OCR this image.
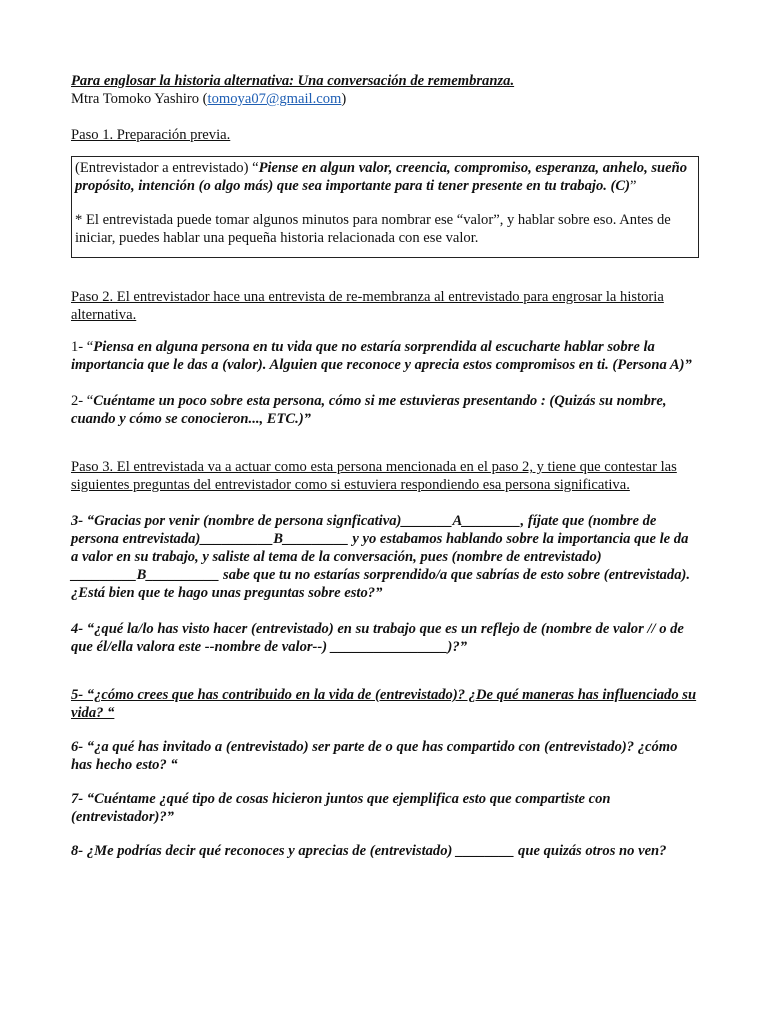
Para englosar la historia alternativa: Una conversación de remembranza.

Mtra Tomoko Yashiro (tomoya07@gmail.com)

Paso 1. Preparación previa.

(Entrevistador a entrevistado) “Piense en algun valor, creencia, compromiso, esperanza, anhelo, sueño propósito, intención (o algo más) que sea importante para ti tener presente en tu trabajo. (C)”

* El entrevistada puede tomar algunos minutos para nombrar ese “valor”, y hablar sobre eso. Antes de iniciar, puedes hablar una pequeña historia relacionada con ese valor.

Paso 2. El entrevistador hace una entrevista de re-membranza al entrevistado para engrosar la historia alternativa.

1- “Piensa en alguna persona en tu vida que no estaría sorprendida al escucharte hablar sobre la importancia que le das a (valor). Alguien que reconoce y aprecia estos compromisos en ti. (Persona A)”

2- “Cuéntame un poco sobre esta persona, cómo si me estuvieras presentando : (Quizás su nombre, cuando y cómo se conocieron..., ETC.)”

Paso 3. El entrevistada va a actuar como esta persona mencionada en el paso 2, y tiene que contestar las siguientes preguntas del entrevistador como si estuviera respondiendo esa persona significativa.

3- “Gracias por venir (nombre de persona signficativa)_______A________, fíjate que (nombre de persona entrevistada)__________B_________ y yo estabamos hablando sobre la importancia que le da a valor en su trabajo, y saliste al tema de la conversación, pues (nombre de entrevistado) _________B__________ sabe que tu no estarías sorprendido/a que sabrías de esto sobre (entrevistada). ¿Está bien que te hago unas preguntas sobre esto?”

4- “¿qué la/lo has visto hacer (entrevistado) en su trabajo que es un reflejo de (nombre de valor // o de que él/ella valora este --nombre de valor--) ________________)?”

5- “¿cómo crees que has contribuido en la vida de (entrevistado)? ¿De qué maneras has influenciado su vida? “

6- “¿a qué has invitado a (entrevistado) ser parte de o que has compartido con (entrevistado)? ¿cómo has hecho esto? “

7- “Cuéntame ¿qué tipo de cosas hicieron juntos que ejemplifica esto que compartiste con (entrevistador)?”

8- ¿Me podrías decir qué reconoces y aprecias de (entrevistado) ________ que quizás otros no ven?
